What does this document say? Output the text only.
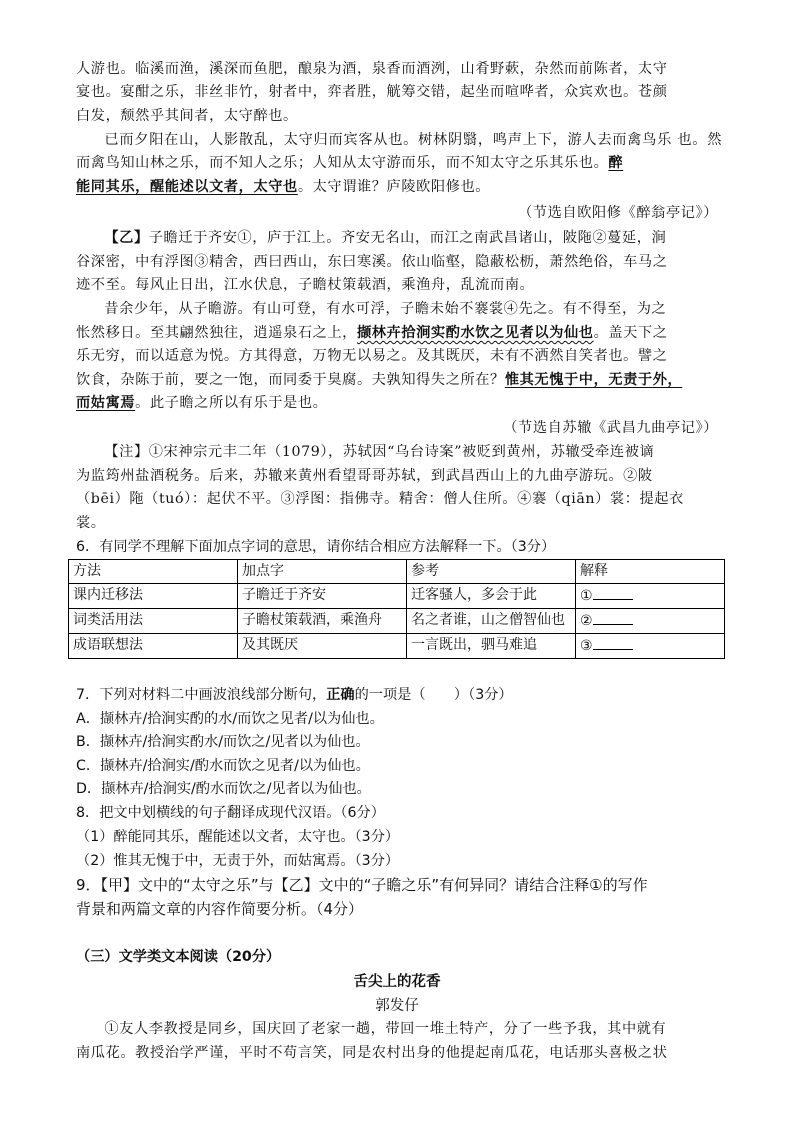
人游也。临溪而渔，溪深而鱼肥，酿泉为酒，泉香而酒洌，山肴野蔌，杂然而前陈者，太守
宴也。宴酣之乐，非丝非竹，射者中，弈者胜，觥筹交错，起坐而喧哗者，众宾欢也。苍颜
白发，颓然乎其间者，太守醉也。

已而夕阳在山，人影散乱，太守归而宾客从也。树林阴翳，鸣声上下，游人去而禽鸟乐 也。然而禽鸟知山林之乐，而不知人之乐；人知从太守游而乐，而不知太守之乐其乐也。醉

能同其乐，醒能述以文者，太守也。太守谓谁？庐陵欧阳修也。

（节选自欧阳修《醉翁亭记》）

【乙】子瞻迁于齐安①，庐于江上。齐安无名山，而江之南武昌诸山，陂陁②蔓延，涧

谷深密，中有浮图③精舍，西曰西山，东曰寒溪。依山临壑，隐蔽松枥，萧然绝俗，车马之

迹不至。每风止日出，江水伏息，子瞻杖策载酒，乘渔舟，乱流而南。

昔余少年，从子瞻游。有山可登，有水可浮，子瞻未始不褰裳④先之。有不得至，为之

怅然移日。至其翩然独往，逍遥泉石之上，撷林卉拾涧实酌水饮之见者以为仙也。盖天下之

乐无穷，而以适意为悦。方其得意，万物无以易之。及其既厌，未有不洒然自笑者也。譬之

饮食，杂陈于前，要之一饱，而同委于臭腐。夫孰知得失之所在？惟其无愧于中，无责于外，

而姑寓焉。此子瞻之所以有乐于是也。

（节选自苏辙《武昌九曲亭记》）

【注】①宋神宗元丰二年（1079），苏轼因“乌台诗案”被贬到黄州，苏辙受牵连被谪

为监筠州盐酒税务。后来，苏辙来黄州看望哥哥苏轼，到武昌西山上的九曲亭游玩。②陂

（bēi）陁（tuó）：起伏不平。③浮图：指佛寺。精舍：僧人住所。④褰（qiān）裳：提起衣

裳。

6．有同学不理解下面加点字词的意思，请你结合相应方法解释一下。（3分）

方法	加点字	参考	解释
课内迁移法	子瞻迁于齐安	迁客骚人，多会于此	①
词类活用法	子瞻杖策载酒，乘渔舟	名之者谁，山之僧智仙也	②
成语联想法	及其既厌	一言既出，驷马难追	③

7．下列对材料二中画波浪线部分断句，正确的一项是（　　）（3分）

A．撷林卉/拾涧实酌的水/而饮之见者/以为仙也。

B．撷林卉/拾涧实酌水/而饮之/见者以为仙也。

C．撷林卉/拾涧实/酌水而饮之见者/以为仙也。

D．撷林卉/拾涧实/酌水而饮之/见者以为仙也。

8．把文中划横线的句子翻译成现代汉语。（6分）

（1）醉能同其乐，醒能述以文者，太守也。（3分）

（2）惟其无愧于中，无责于外，而姑寓焉。（3分）

9．【甲】文中的“太守之乐”与【乙】文中的“子瞻之乐”有何异同？请结合注释①的写作

背景和两篇文章的内容作简要分析。（4分）

（三）文学类文本阅读（20分）

舌尖上的花香
郭发仔

①友人李教授是同乡，国庆回了老家一趟，带回一堆土特产，分了一些予我，其中就有

南瓜花。教授治学严谨，平时不苟言笑，同是农村出身的他提起南瓜花，电话那头喜极之状
